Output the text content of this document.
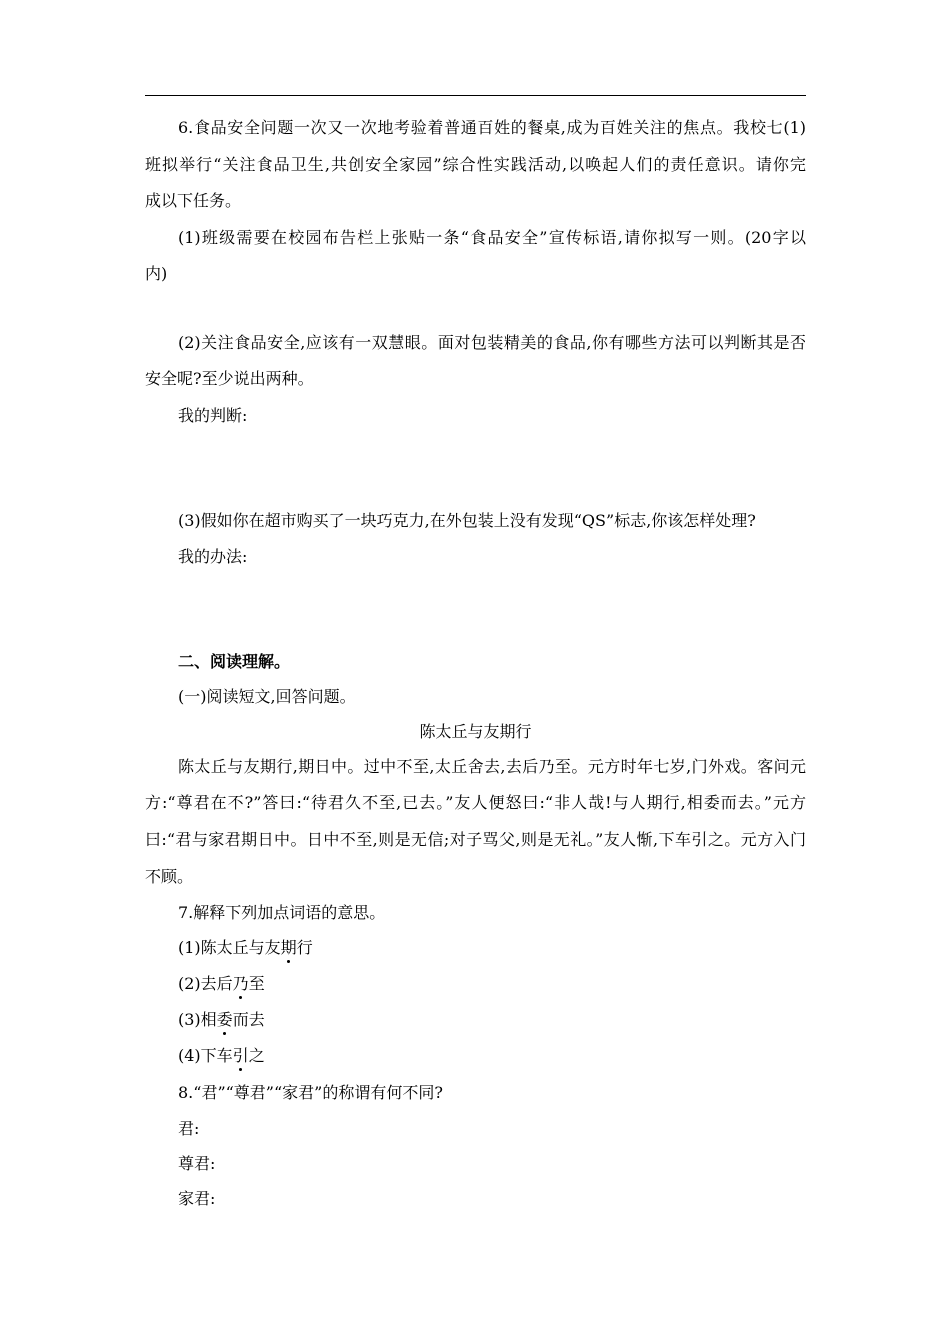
6.食品安全问题一次又一次地考验着普通百姓的餐桌,成为百姓关注的焦点。我校七(1)
班拟举行“关注食品卫生,共创安全家园”综合性实践活动,以唤起人们的责任意识。请你完
成以下任务。
(1)班级需要在校园布告栏上张贴一条“食品安全”宣传标语,请你拟写一则。(20字以
内)
(2)关注食品安全,应该有一双慧眼。面对包装精美的食品,你有哪些方法可以判断其是否
安全呢?至少说出两种。
我的判断:
(3)假如你在超市购买了一块巧克力,在外包装上没有发现“QS”标志,你该怎样处理?
我的办法:
二、阅读理解。
(一)阅读短文,回答问题。
陈太丘与友期行
陈太丘与友期行,期日中。过中不至,太丘舍去,去后乃至。元方时年七岁,门外戏。客问元
方:“尊君在不?”答曰:“待君久不至,已去。”友人便怒曰:“非人哉!与人期行,相委而去。”元方
曰:“君与家君期日中。日中不至,则是无信;对子骂父,则是无礼。”友人惭,下车引之。元方入门
不顾。
7.解释下列加点词语的意思。
(1)陈太丘与友期行
(2)去后乃至
(3)相委而去
(4)下车引之
8.“君”“尊君”“家君”的称谓有何不同?
君:
尊君:
家君:
